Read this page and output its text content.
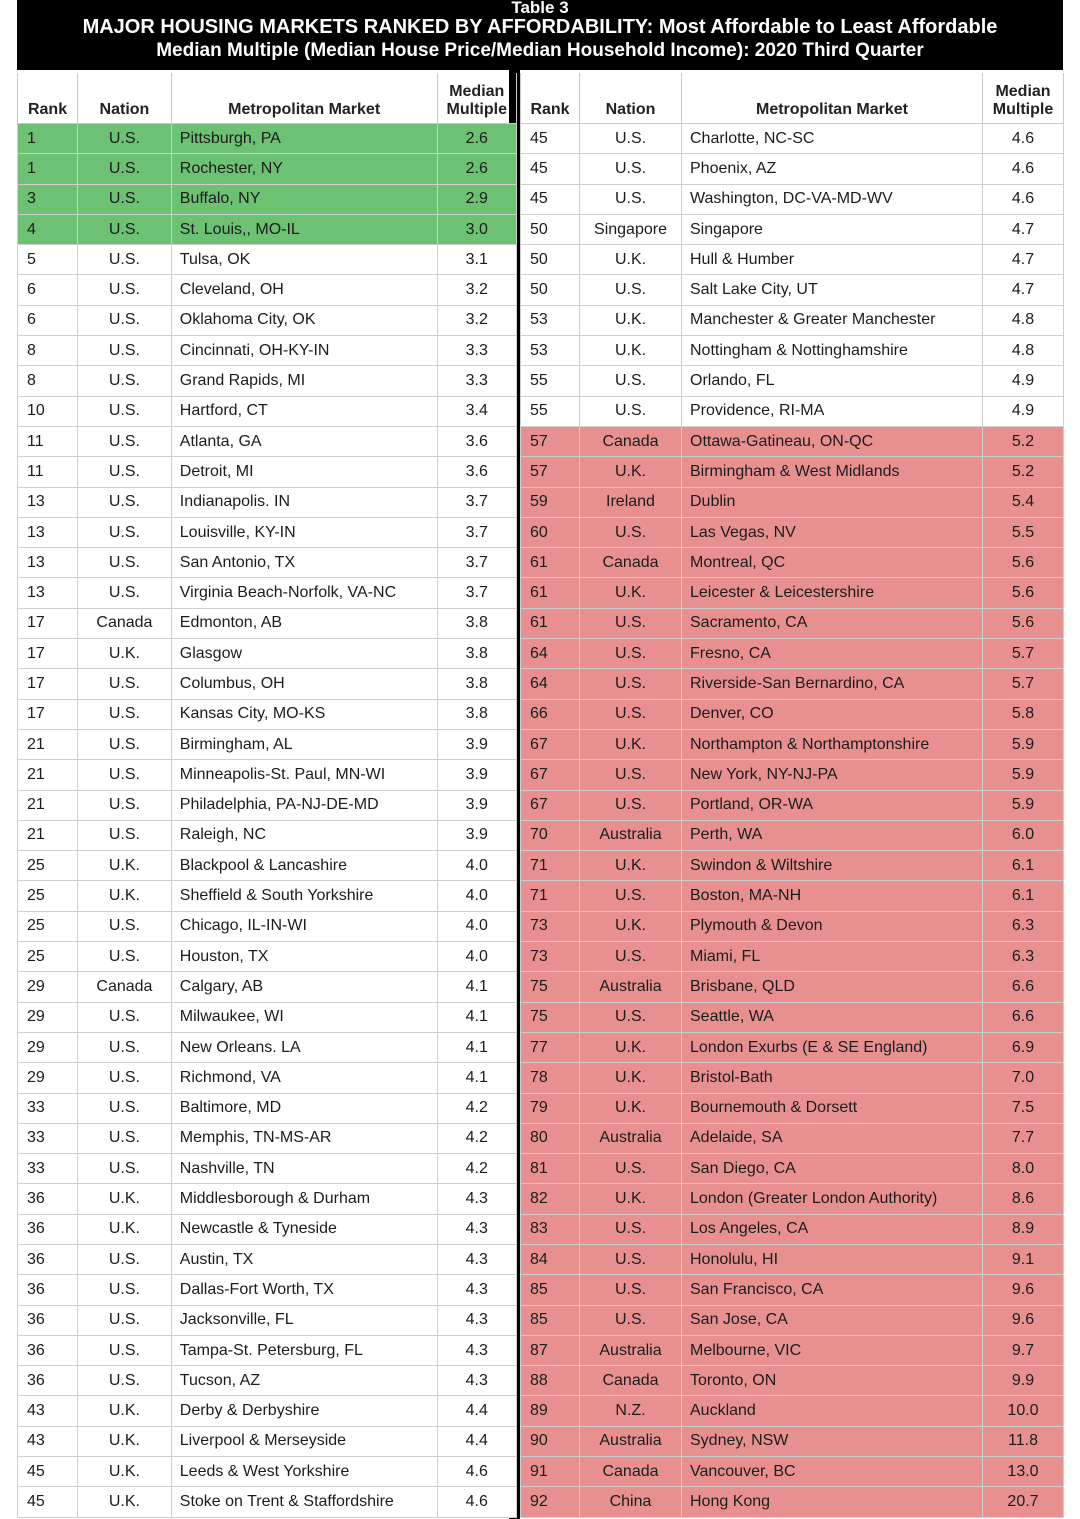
Table 3
MAJOR HOUSING MARKETS RANKED BY AFFORDABILITY: Most Affordable to Least Affordable
Median Multiple (Median House Price/Median Household Income): 2020 Third Quarter
Rank	Nation	Metropolitan Market	Median Multiple
1	U.S.	Pittsburgh, PA	2.6
1	U.S.	Rochester, NY	2.6
3	U.S.	Buffalo, NY	2.9
4	U.S.	St. Louis,, MO-IL	3.0
5	U.S.	Tulsa, OK	3.1
6	U.S.	Cleveland, OH	3.2
6	U.S.	Oklahoma City, OK	3.2
8	U.S.	Cincinnati, OH-KY-IN	3.3
8	U.S.	Grand Rapids, MI	3.3
10	U.S.	Hartford, CT	3.4
11	U.S.	Atlanta, GA	3.6
11	U.S.	Detroit, MI	3.6
13	U.S.	Indianapolis. IN	3.7
13	U.S.	Louisville, KY-IN	3.7
13	U.S.	San Antonio, TX	3.7
13	U.S.	Virginia Beach-Norfolk, VA-NC	3.7
17	Canada	Edmonton, AB	3.8
17	U.K.	Glasgow	3.8
17	U.S.	Columbus, OH	3.8
17	U.S.	Kansas City, MO-KS	3.8
21	U.S.	Birmingham, AL	3.9
21	U.S.	Minneapolis-St. Paul, MN-WI	3.9
21	U.S.	Philadelphia, PA-NJ-DE-MD	3.9
21	U.S.	Raleigh, NC	3.9
25	U.K.	Blackpool & Lancashire	4.0
25	U.K.	Sheffield & South Yorkshire	4.0
25	U.S.	Chicago, IL-IN-WI	4.0
25	U.S.	Houston, TX	4.0
29	Canada	Calgary, AB	4.1
29	U.S.	Milwaukee, WI	4.1
29	U.S.	New Orleans. LA	4.1
29	U.S.	Richmond, VA	4.1
33	U.S.	Baltimore, MD	4.2
33	U.S.	Memphis, TN-MS-AR	4.2
33	U.S.	Nashville, TN	4.2
36	U.K.	Middlesborough & Durham	4.3
36	U.K.	Newcastle & Tyneside	4.3
36	U.S.	Austin, TX	4.3
36	U.S.	Dallas-Fort Worth, TX	4.3
36	U.S.	Jacksonville, FL	4.3
36	U.S.	Tampa-St. Petersburg, FL	4.3
36	U.S.	Tucson, AZ	4.3
43	U.K.	Derby & Derbyshire	4.4
43	U.K.	Liverpool & Merseyside	4.4
45	U.K.	Leeds & West Yorkshire	4.6
45	U.K.	Stoke on Trent & Staffordshire	4.6
Rank	Nation	Metropolitan Market	Median Multiple
45	U.S.	Charlotte, NC-SC	4.6
45	U.S.	Phoenix, AZ	4.6
45	U.S.	Washington, DC-VA-MD-WV	4.6
50	Singapore	Singapore	4.7
50	U.K.	Hull & Humber	4.7
50	U.S.	Salt Lake City, UT	4.7
53	U.K.	Manchester & Greater Manchester	4.8
53	U.K.	Nottingham & Nottinghamshire	4.8
55	U.S.	Orlando, FL	4.9
55	U.S.	Providence, RI-MA	4.9
57	Canada	Ottawa-Gatineau, ON-QC	5.2
57	U.K.	Birmingham & West Midlands	5.2
59	Ireland	Dublin	5.4
60	U.S.	Las Vegas, NV	5.5
61	Canada	Montreal, QC	5.6
61	U.K.	Leicester & Leicestershire	5.6
61	U.S.	Sacramento, CA	5.6
64	U.S.	Fresno, CA	5.7
64	U.S.	Riverside-San Bernardino, CA	5.7
66	U.S.	Denver, CO	5.8
67	U.K.	Northampton & Northamptonshire	5.9
67	U.S.	New York, NY-NJ-PA	5.9
67	U.S.	Portland, OR-WA	5.9
70	Australia	Perth, WA	6.0
71	U.K.	Swindon & Wiltshire	6.1
71	U.S.	Boston, MA-NH	6.1
73	U.K.	Plymouth & Devon	6.3
73	U.S.	Miami, FL	6.3
75	Australia	Brisbane, QLD	6.6
75	U.S.	Seattle, WA	6.6
77	U.K.	London Exurbs (E & SE England)	6.9
78	U.K.	Bristol-Bath	7.0
79	U.K.	Bournemouth & Dorsett	7.5
80	Australia	Adelaide, SA	7.7
81	U.S.	San Diego, CA	8.0
82	U.K.	London (Greater London Authority)	8.6
83	U.S.	Los Angeles, CA	8.9
84	U.S.	Honolulu, HI	9.1
85	U.S.	San Francisco, CA	9.6
85	U.S.	San Jose, CA	9.6
87	Australia	Melbourne, VIC	9.7
88	Canada	Toronto, ON	9.9
89	N.Z.	Auckland	10.0
90	Australia	Sydney, NSW	11.8
91	Canada	Vancouver, BC	13.0
92	China	Hong Kong	20.7
